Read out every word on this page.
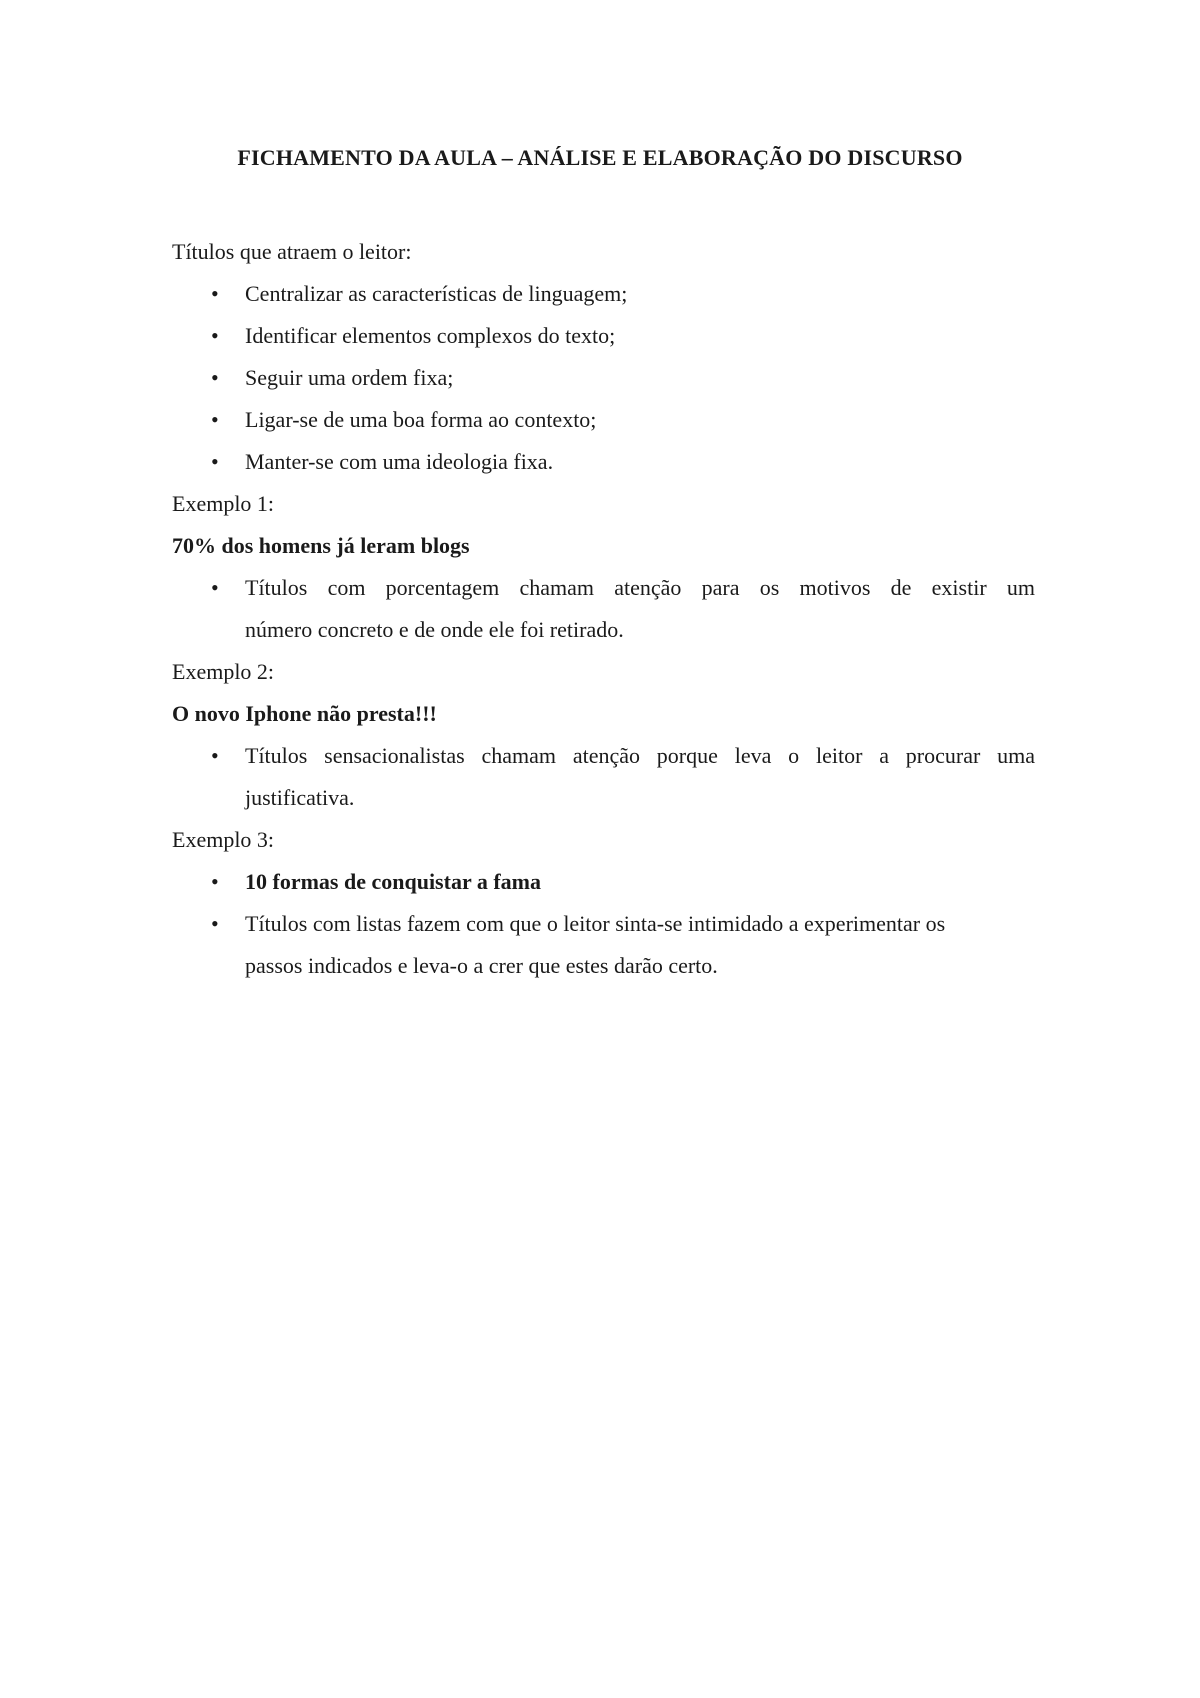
FICHAMENTO DA AULA – ANÁLISE E ELABORAÇÃO DO DISCURSO
Títulos que atraem o leitor:
• Centralizar as características de linguagem;
• Identificar elementos complexos do texto;
• Seguir uma ordem fixa;
• Ligar-se de uma boa forma ao contexto;
• Manter-se com uma ideologia fixa.
Exemplo 1:
70% dos homens já leram blogs
• Títulos com porcentagem chamam atenção para os motivos de existir um
número concreto e de onde ele foi retirado.
Exemplo 2:
O novo Iphone não presta!!!
• Títulos sensacionalistas chamam atenção porque leva o leitor a procurar uma
justificativa.
Exemplo 3:
• 10 formas de conquistar a fama
• Títulos com listas fazem com que o leitor sinta-se intimidado a experimentar os
passos indicados e leva-o a crer que estes darão certo.
